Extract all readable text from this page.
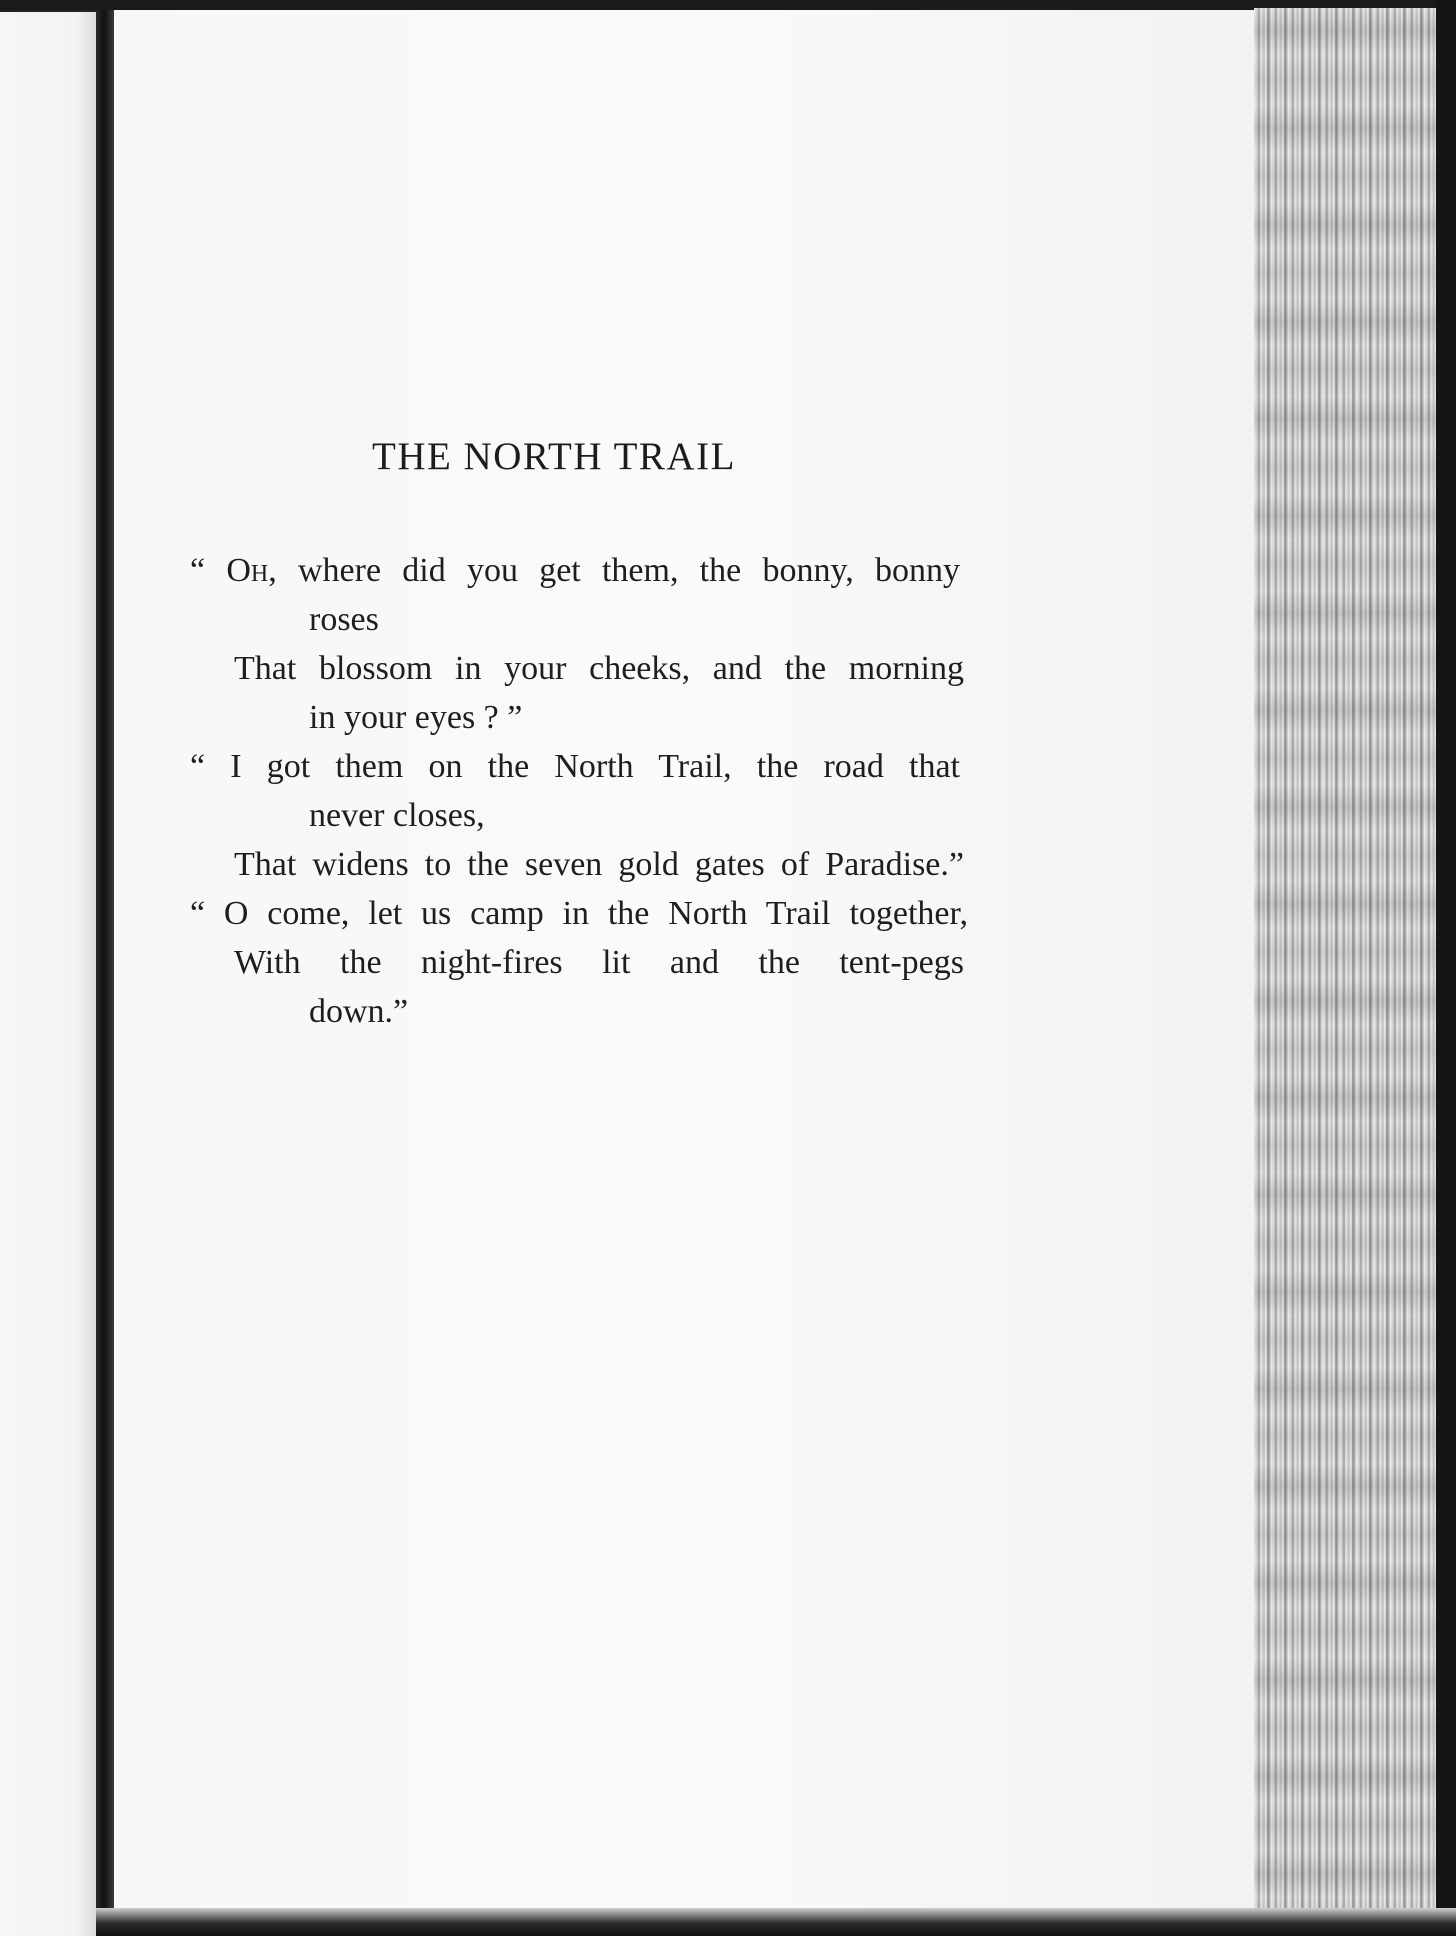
THE NORTH TRAIL
“ Oh, where did you get them, the bonny, bonny
roses
That blossom in your cheeks, and the morning
in your eyes ? ”
“ I got them on the North Trail, the road that
never closes,
That widens to the seven gold gates of Paradise.”
“ O come, let us camp in the North Trail together,
With the night-fires lit and the tent-pegs
down.”
